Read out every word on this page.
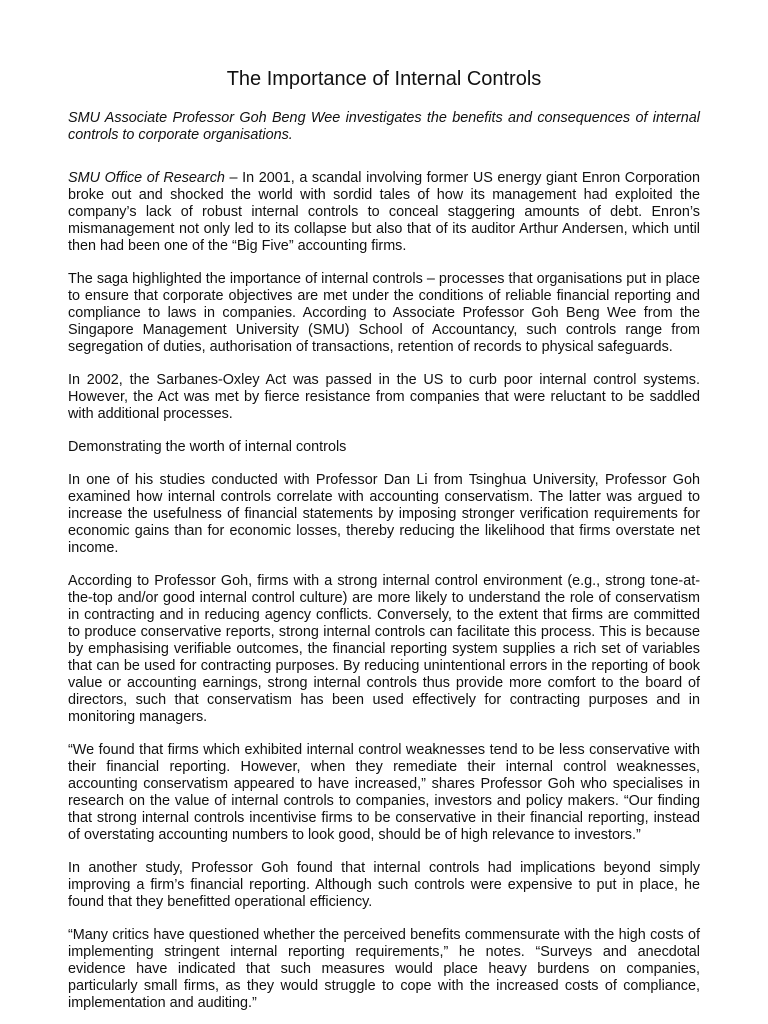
The Importance of Internal Controls

SMU Associate Professor Goh Beng Wee investigates the benefits and consequences of internal controls to corporate organisations.

SMU Office of Research – In 2001, a scandal involving former US energy giant Enron Corporation broke out and shocked the world with sordid tales of how its management had exploited the company’s lack of robust internal controls to conceal staggering amounts of debt. Enron’s mismanagement not only led to its collapse but also that of its auditor Arthur Andersen, which until then had been one of the “Big Five” accounting firms.

The saga highlighted the importance of internal controls – processes that organisations put in place to ensure that corporate objectives are met under the conditions of reliable financial reporting and compliance to laws in companies. According to Associate Professor Goh Beng Wee from the Singapore Management University (SMU) School of Accountancy, such controls range from segregation of duties, authorisation of transactions, retention of records to physical safeguards.

In 2002, the Sarbanes-Oxley Act was passed in the US to curb poor internal control systems. However, the Act was met by fierce resistance from companies that were reluctant to be saddled with additional processes.

Demonstrating the worth of internal controls

In one of his studies conducted with Professor Dan Li from Tsinghua University, Professor Goh examined how internal controls correlate with accounting conservatism. The latter was argued to increase the usefulness of financial statements by imposing stronger verification requirements for economic gains than for economic losses, thereby reducing the likelihood that firms overstate net income.

According to Professor Goh, firms with a strong internal control environment (e.g., strong tone-at-the-top and/or good internal control culture) are more likely to understand the role of conservatism in contracting and in reducing agency conflicts. Conversely, to the extent that firms are committed to produce conservative reports, strong internal controls can facilitate this process. This is because by emphasising verifiable outcomes, the financial reporting system supplies a rich set of variables that can be used for contracting purposes. By reducing unintentional errors in the reporting of book value or accounting earnings, strong internal controls thus provide more comfort to the board of directors, such that conservatism has been used effectively for contracting purposes and in monitoring managers.

“We found that firms which exhibited internal control weaknesses tend to be less conservative with their financial reporting. However, when they remediate their internal control weaknesses, accounting conservatism appeared to have increased,” shares Professor Goh who specialises in research on the value of internal controls to companies, investors and policy makers. “Our finding that strong internal controls incentivise firms to be conservative in their financial reporting, instead of overstating accounting numbers to look good, should be of high relevance to investors.”

In another study, Professor Goh found that internal controls had implications beyond simply improving a firm’s financial reporting. Although such controls were expensive to put in place, he found that they benefitted operational efficiency.

“Many critics have questioned whether the perceived benefits commensurate with the high costs of implementing stringent internal reporting requirements,” he notes. “Surveys and anecdotal evidence have indicated that such measures would place heavy burdens on companies, particularly small firms, as they would struggle to cope with the increased costs of compliance, implementation and auditing.”
